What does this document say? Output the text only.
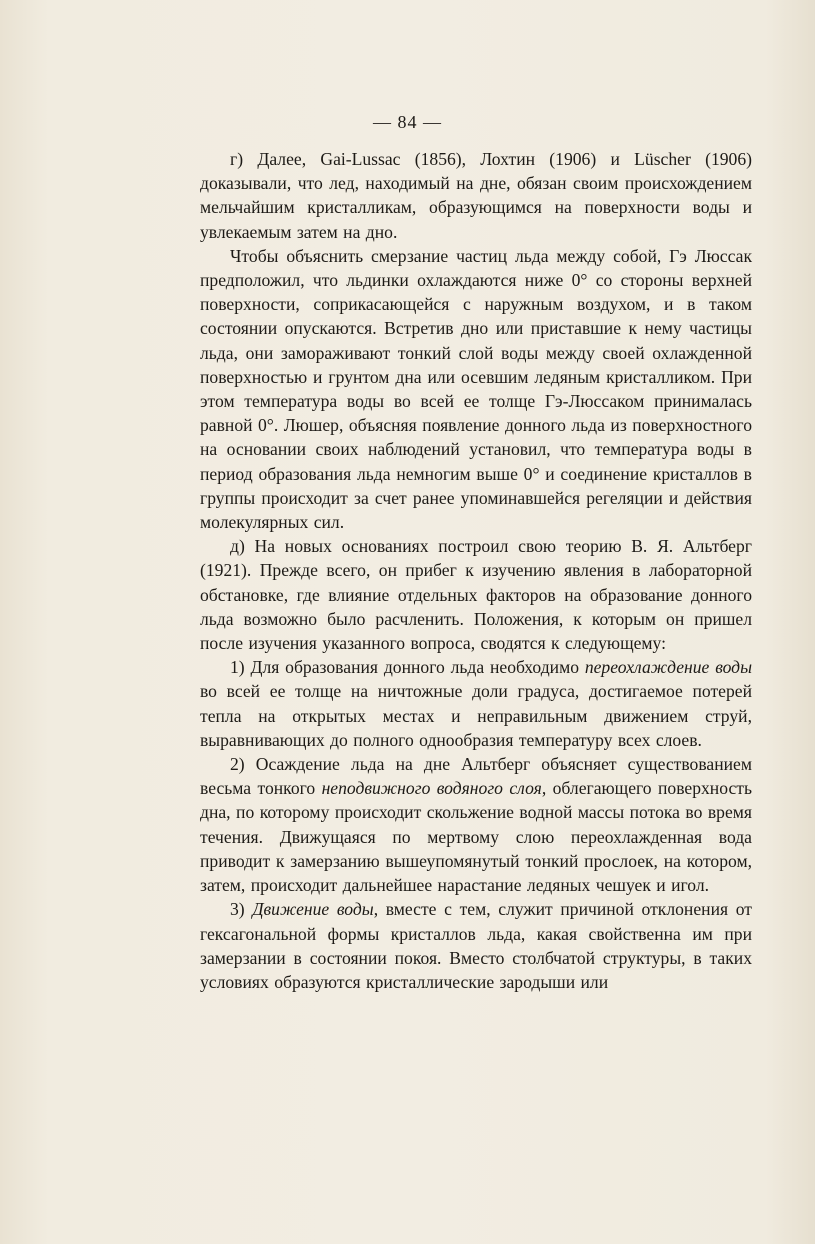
— 84 —

г) Далее, Gai-Lussac (1856), Лохтин (1906) и Lüscher (1906) доказывали, что лед, находимый на дне, обязан своим происхождением мельчайшим кристалликам, образующимся на поверхности воды и увлекаемым затем на дно.

Чтобы объяснить смерзание частиц льда между собой, Гэ Люссак предположил, что льдинки охлаждаются ниже 0° со стороны верхней поверхности, соприкасающейся с наружным воздухом, и в таком состоянии опускаются. Встретив дно или приставшие к нему частицы льда, они замораживают тонкий слой воды между своей охлажденной поверхностью и грунтом дна или осевшим ледяным кристалликом. При этом температура воды во всей ее толще Гэ-Люссаком принималась равной 0°. Люшер, объясняя появление донного льда из поверхностного на основании своих наблюдений установил, что температура воды в период образования льда немногим выше 0° и соединение кристаллов в группы происходит за счет ранее упоминавшейся регеляции и действия молекулярных сил.

д) На новых основаниях построил свою теорию В. Я. Альтберг (1921). Прежде всего, он прибег к изучению явления в лабораторной обстановке, где влияние отдельных факторов на образование донного льда возможно было расчленить. Положения, к которым он пришел после изучения указанного вопроса, сводятся к следующему:

1) Для образования донного льда необходимо переохлаждение воды во всей ее толще на ничтожные доли градуса, достигаемое потерей тепла на открытых местах и неправильным движением струй, выравнивающих до полного однообразия температуру всех слоев.

2) Осаждение льда на дне Альтберг объясняет существованием весьма тонкого неподвижного водяного слоя, облегающего поверхность дна, по которому происходит скольжение водной массы потока во время течения. Движущаяся по мертвому слою переохлажденная вода приводит к замерзанию вышеупомянутый тонкий прослоек, на котором, затем, происходит дальнейшее нарастание ледяных чешуек и игол.

3) Движение воды, вместе с тем, служит причиной отклонения от гексагональной формы кристаллов льда, какая свойственна им при замерзании в состоянии покоя. Вместо столбчатой структуры, в таких условиях образуются кристаллические зародыши или
